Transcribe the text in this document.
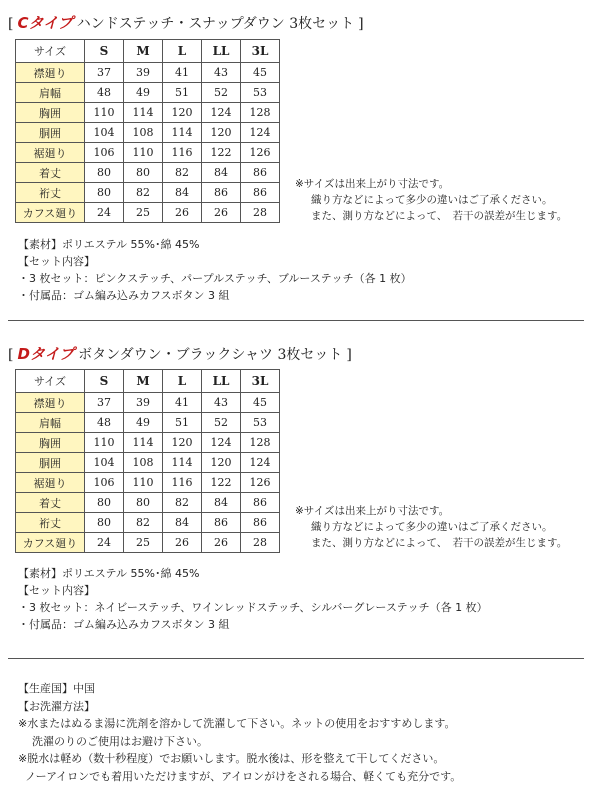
[ Cタイプ ハンドステッチ・スナップダウン 3枚セット ]
サイズ	S	M	L	LL	3L
襟廻り	37	39	41	43	45
肩幅	48	49	51	52	53
胸囲	110	114	120	124	128
胴囲	104	108	114	120	124
裾廻り	106	110	116	122	126
着丈	80	80	82	84	86
裄丈	80	82	84	86	86
カフス廻り	24	25	26	26	28
※サイズは出来上がり寸法です。
織り方などによって多少の違いはご了承ください。
また、測り方などによって、　若干の誤差が生じます。
【素材】ポリエステル 55%･綿 45%
【セット内容】
・3 枚セット：ピンクステッチ、パープルステッチ、ブルーステッチ（各 1 枚）
・付属品：ゴム編み込みカフスボタン 3 組
[ Dタイプ ボタンダウン・ブラックシャツ 3枚セット ]
サイズ	S	M	L	LL	3L
襟廻り	37	39	41	43	45
肩幅	48	49	51	52	53
胸囲	110	114	120	124	128
胴囲	104	108	114	120	124
裾廻り	106	110	116	122	126
着丈	80	80	82	84	86
裄丈	80	82	84	86	86
カフス廻り	24	25	26	26	28
※サイズは出来上がり寸法です。
織り方などによって多少の違いはご了承ください。
また、測り方などによって、　若干の誤差が生じます。
【素材】ポリエステル 55%･綿 45%
【セット内容】
・3 枚セット：ネイビーステッチ、ワインレッドステッチ、シルバーグレーステッチ（各 1 枚）
・付属品：ゴム編み込みカフスボタン 3 組
【生産国】中国
【お洗濯方法】
※水またはぬるま湯に洗剤を溶かして洗濯して下さい。ネットの使用をおすすめします。
洗濯のりのご使用はお避け下さい。
※脱水は軽め（数十秒程度）でお願いします。脱水後は、形を整えて干してください。
ノーアイロンでも着用いただけますが、アイロンがけをされる場合、軽くても充分です。
